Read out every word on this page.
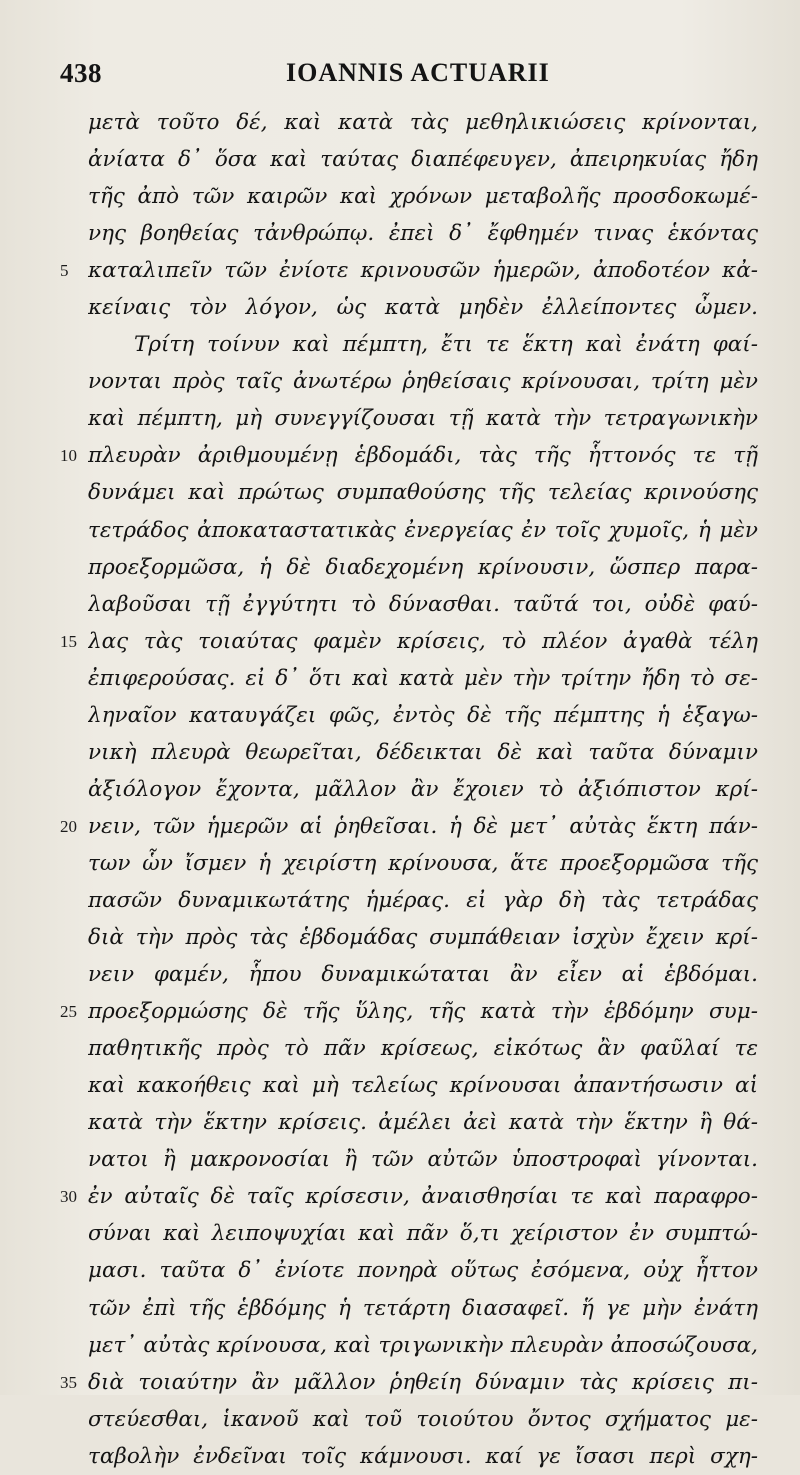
438	IOANNIS ACTUARII
μετὰ τοῦτο δέ, καὶ κατὰ τὰς μεθηλικιώσεις κρίνονται,
ἀνίατα δ᾽ ὅσα καὶ ταύτας διαπέφευγεν, ἀπειρηκυίας ἤδη
τῆς ἀπὸ τῶν καιρῶν καὶ χρόνων μεταβολῆς προσδοκωμέ-
νης βοηθείας τἀνθρώπῳ. ἐπεὶ δ᾽ ἔφθημέν τινας ἑκόντας
5 καταλιπεῖν τῶν ἐνίοτε κρινουσῶν ἡμερῶν, ἀποδοτέον κἀ-
κείναις τὸν λόγον, ὡς κατὰ μηδὲν ἐλλείποντες ὦμεν.
Τρίτη τοίνυν καὶ πέμπτη, ἔτι τε ἕκτη καὶ ἐνάτη φαί-
νονται πρὸς ταῖς ἀνωτέρω ῥηθείσαις κρίνουσαι, τρίτη μὲν
καὶ πέμπτη, μὴ συνεγγίζουσαι τῇ κατὰ τὴν τετραγωνικὴν
10 πλευρὰν ἀριθμουμένῃ ἑβδομάδι, τὰς τῆς ἧττονός τε τῇ
δυνάμει καὶ πρώτως συμπαθούσης τῆς τελείας κρινούσης
τετράδος ἀποκαταστατικὰς ἐνεργείας ἐν τοῖς χυμοῖς, ἡ μὲν
προεξορμῶσα, ἡ δὲ διαδεχομένη κρίνουσιν, ὥσπερ παρα-
λαβοῦσαι τῇ ἐγγύτητι τὸ δύνασθαι. ταῦτά τοι, οὐδὲ φαύ-
15 λας τὰς τοιαύτας φαμὲν κρίσεις, τὸ πλέον ἀγαθὰ τέλη
ἐπιφερούσας. εἰ δ᾽ ὅτι καὶ κατὰ μὲν τὴν τρίτην ἤδη τὸ σε-
ληναῖον καταυγάζει φῶς, ἐντὸς δὲ τῆς πέμπτης ἡ ἑξαγω-
νικὴ πλευρὰ θεωρεῖται, δέδεικται δὲ καὶ ταῦτα δύναμιν
ἀξιόλογον ἔχοντα, μᾶλλον ἂν ἔχοιεν τὸ ἀξιόπιστον κρί-
20 νειν, τῶν ἡμερῶν αἱ ῥηθεῖσαι. ἡ δὲ μετ᾽ αὐτὰς ἕκτη πάν-
των ὧν ἴσμεν ἡ χειρίστη κρίνουσα, ἅτε προεξορμῶσα τῆς
πασῶν δυναμικωτάτης ἡμέρας. εἰ γὰρ δὴ τὰς τετράδας
διὰ τὴν πρὸς τὰς ἑβδομάδας συμπάθειαν ἰσχὺν ἔχειν κρί-
νειν φαμέν, ἧπου δυναμικώταται ἂν εἶεν αἱ ἑβδόμαι.
25 προεξορμώσης δὲ τῆς ὕλης, τῆς κατὰ τὴν ἑβδόμην συμ-
παθητικῆς πρὸς τὸ πᾶν κρίσεως, εἰκότως ἂν φαῦλαί τε
καὶ κακοήθεις καὶ μὴ τελείως κρίνουσαι ἀπαντήσωσιν αἱ
κατὰ τὴν ἕκτην κρίσεις. ἀμέλει ἀεὶ κατὰ τὴν ἕκτην ἢ θά-
νατοι ἢ μακρονοσίαι ἢ τῶν αὐτῶν ὑποστροφαὶ γίνονται.
30 ἐν αὐταῖς δὲ ταῖς κρίσεσιν, ἀναισθησίαι τε καὶ παραφρο-
σύναι καὶ λειποψυχίαι καὶ πᾶν ὅ,τι χείριστον ἐν συμπτώ-
μασι. ταῦτα δ᾽ ἐνίοτε πονηρὰ οὕτως ἐσόμενα, οὐχ ἧττον
τῶν ἐπὶ τῆς ἑβδόμης ἡ τετάρτη διασαφεῖ. ἥ γε μὴν ἐνάτη
μετ᾽ αὐτὰς κρίνουσα, καὶ τριγωνικὴν πλευρὰν ἀποσώζουσα,
35 διὰ τοιαύτην ἂν μᾶλλον ῥηθείη δύναμιν τὰς κρίσεις πι-
στεύεσθαι, ἱκανοῦ καὶ τοῦ τοιούτου ὄντος σχήματος με-
ταβολὴν ἐνδεῖναι τοῖς κάμνουσι. καί γε ἴσασι περὶ σχη-
